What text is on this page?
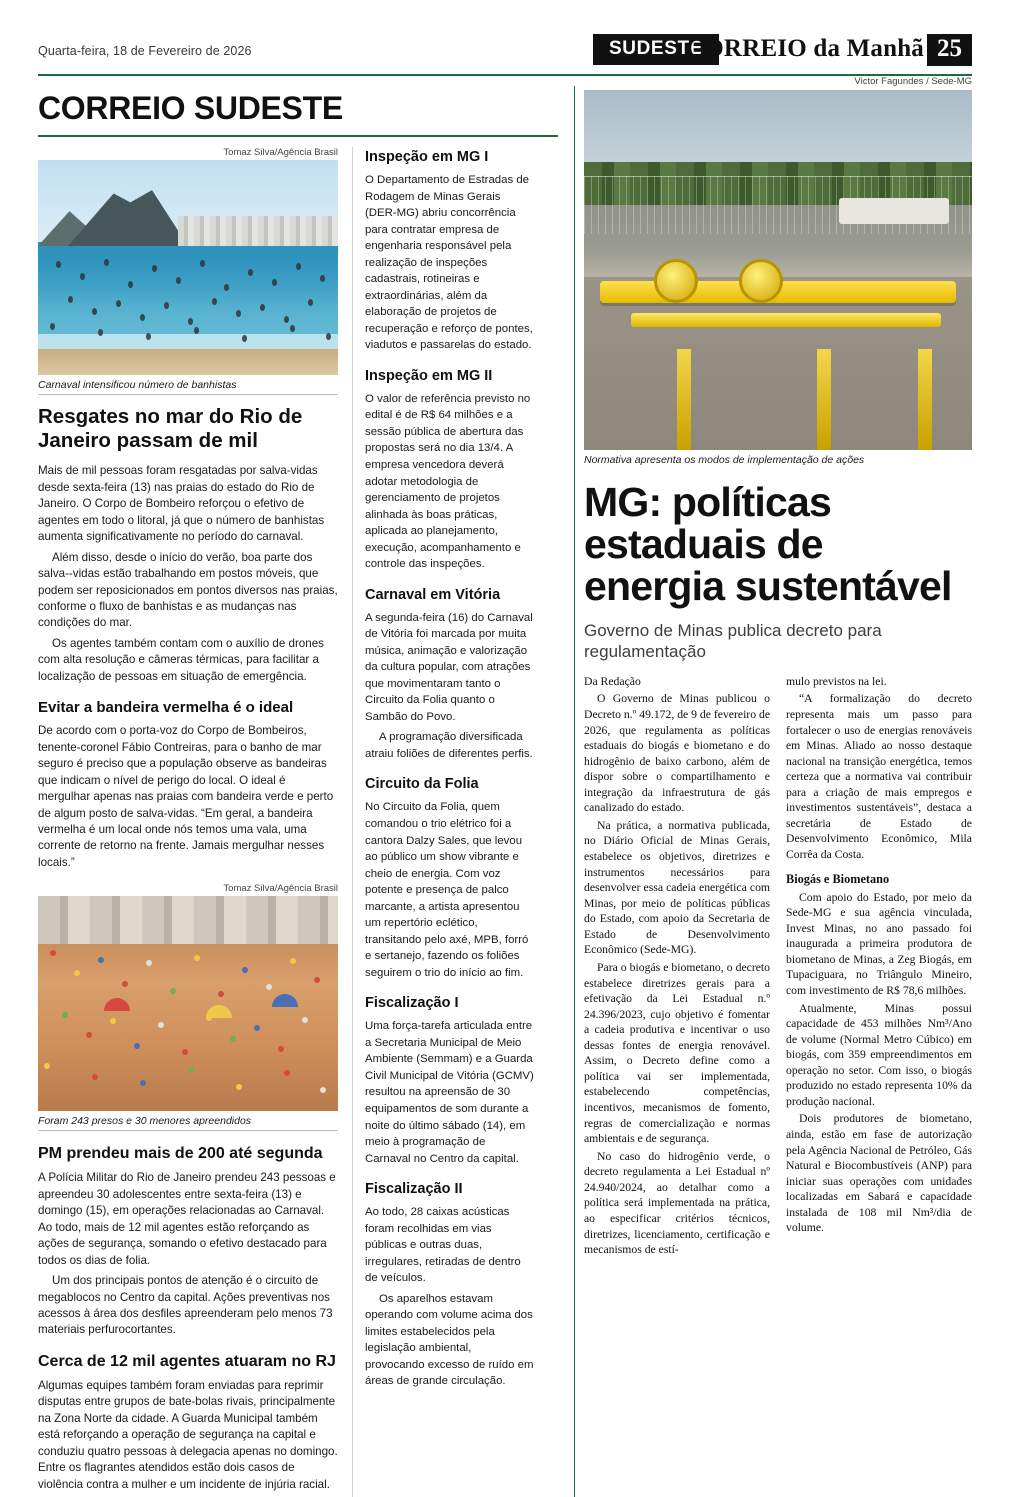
Quarta-feira, 18 de Fevereiro de 2026	SUDESTE
CORREIO da Manhã 25
CORREIO SUDESTE
Tomaz Silva/Agência Brasil
Carnaval intensificou número de banhistas
Resgates no mar do Rio de Janeiro passam de mil

Mais de mil pessoas foram resgatadas por salva-vidas desde sexta-feira (13) nas praias do estado do Rio de Janeiro. O Corpo de Bombeiro reforçou o efetivo de agentes em todo o litoral, já que o número de banhistas aumenta significativamente no período do carnaval.

Além disso, desde o início do verão, boa parte dos salva--vidas estão trabalhando em postos móveis, que podem ser reposicionados em pontos diversos nas praias, conforme o fluxo de banhistas e as mudanças nas condições do mar.

Os agentes também contam com o auxílio de drones com alta resolução e câmeras térmicas, para facilitar a localização de pessoas em situação de emergência.

Evitar a bandeira vermelha é o ideal

De acordo com o porta-voz do Corpo de Bombeiros, tenente-coronel Fábio Contreiras, para o banho de mar seguro é preciso que a população observe as bandeiras que indicam o nível de perigo do local. O ideal é mergulhar apenas nas praias com bandeira verde e perto de algum posto de salva-vidas. “Em geral, a bandeira vermelha é um local onde nós temos uma vala, uma corrente de retorno na frente. Jamais mergulhar nesses locais.”

Tomaz Silva/Agência Brasil
Foram 243 presos e 30 menores apreendidos
PM prendeu mais de 200 até segunda

A Polícia Militar do Rio de Janeiro prendeu 243 pessoas e apreendeu 30 adolescentes entre sexta-feira (13) e domingo (15), em operações relacionadas ao Carnaval. Ao todo, mais de 12 mil agentes estão reforçando as ações de segurança, somando o efetivo destacado para todos os dias de folia.

Um dos principais pontos de atenção é o circuito de megablocos no Centro da capital. Ações preventivas nos acessos à área dos desfiles apreenderam pelo menos 73 materiais perfurocortantes.

Cerca de 12 mil agentes atuaram no RJ

Algumas equipes também foram enviadas para reprimir disputas entre grupos de bate-bolas rivais, principalmente na Zona Norte da cidade. A Guarda Municipal também está reforçando a operação de segurança na capital e conduziu quatro pessoas à delegacia apenas no domingo. Entre os flagrantes atendidos estão dois casos de violência contra a mulher e um incidente de injúria racial.

Inspeção em MG I

O Departamento de Estradas de Rodagem de Minas Gerais (DER-MG) abriu concorrência para contratar empresa de engenharia responsável pela realização de inspeções cadastrais, rotineiras e extraordinárias, além da elaboração de projetos de recuperação e reforço de pontes, viadutos e passarelas do estado.

Inspeção em MG II

O valor de referência previsto no edital é de R$ 64 milhões e a sessão pública de abertura das propostas será no dia 13/4. A empresa vencedora deverá adotar metodologia de gerenciamento de projetos alinhada às boas práticas, aplicada ao planejamento, execução, acompanhamento e controle das inspeções.

Carnaval em Vitória

A segunda-feira (16) do Carnaval de Vitória foi marcada por muita música, animação e valorização da cultura popular, com atrações que movimentaram tanto o Circuito da Folia quanto o Sambão do Povo.

A programação diversificada atraiu foliões de diferentes perfis.

Circuito da Folia

No Circuito da Folia, quem comandou o trio elétrico foi a cantora Dalzy Sales, que levou ao público um show vibrante e cheio de energia. Com voz potente e presença de palco marcante, a artista apresentou um repertório eclético, transitando pelo axé, MPB, forró e sertanejo, fazendo os foliões seguirem o trio do início ao fim.

Fiscalização I

Uma força-tarefa articulada entre a Secretaria Municipal de Meio Ambiente (Semmam) e a Guarda Civil Municipal de Vitória (GCMV) resultou na apreensão de 30 equipamentos de som durante a noite do último sábado (14), em meio à programação de Carnaval no Centro da capital.

Fiscalização II

Ao todo, 28 caixas acústicas foram recolhidas em vias públicas e outras duas, irregulares, retiradas de dentro de veículos.

Os aparelhos estavam operando com volume acima dos limites estabelecidos pela legislação ambiental, provocando excesso de ruído em áreas de grande circulação.

Victor Fagundes / Sede-MG
Normativa apresenta os modos de implementação de ações
MG: políticas estaduais de energia sustentável
Governo de Minas publica decreto para regulamentação

Da Redação

O Governo de Minas publicou o Decreto n.º 49.172, de 9 de fevereiro de 2026, que regulamenta as políticas estaduais do biogás e biometano e do hidrogênio de baixo carbono, além de dispor sobre o compartilhamento e integração da infraestrutura de gás canalizado do estado.

Na prática, a normativa publicada, no Diário Oficial de Minas Gerais, estabelece os objetivos, diretrizes e instrumentos necessários para desenvolver essa cadeia energética com Minas, por meio de políticas públicas do Estado, com apoio da Secretaria de Estado de Desenvolvimento Econômico (Sede-MG).

Para o biogás e biometano, o decreto estabelece diretrizes gerais para a efetivação da Lei Estadual n.º 24.396/2023, cujo objetivo é fomentar a cadeia produtiva e incentivar o uso dessas fontes de energia renovável. Assim, o Decreto define como a política vai ser implementada, estabelecendo competências, incentivos, mecanismos de fomento, regras de comercialização e normas ambientais e de segurança.

No caso do hidrogênio verde, o decreto regulamenta a Lei Estadual nº 24.940/2024, ao detalhar como a política será implementada na prática, ao especificar critérios técnicos, diretrizes, licenciamento, certificação e mecanismos de estí-

mulo previstos na lei.

“A formalização do decreto representa mais um passo para fortalecer o uso de energias renováveis em Minas. Aliado ao nosso destaque nacional na transição energética, temos certeza que a normativa vai contribuir para a criação de mais empregos e investimentos sustentáveis”, destaca a secretária de Estado de Desenvolvimento Econômico, Mila Corrêa da Costa.

Biogás e Biometano

Com apoio do Estado, por meio da Sede-MG e sua agência vinculada, Invest Minas, no ano passado foi inaugurada a primeira produtora de biometano de Minas, a Zeg Biogás, em Tupaciguara, no Triângulo Mineiro, com investimento de R$ 78,6 milhões.

Atualmente, Minas possui capacidade de 453 milhões Nm³/Ano de volume (Normal Metro Cúbico) em biogás, com 359 empreendimentos em operação no setor. Com isso, o biogás produzido no estado representa 10% da produção nacional.

Dois produtores de biometano, ainda, estão em fase de autorização pela Agência Nacional de Petróleo, Gás Natural e Biocombustíveis (ANP) para iniciar suas operações com unidades localizadas em Sabará e capacidade instalada de 108 mil Nm³/dia de volume.
